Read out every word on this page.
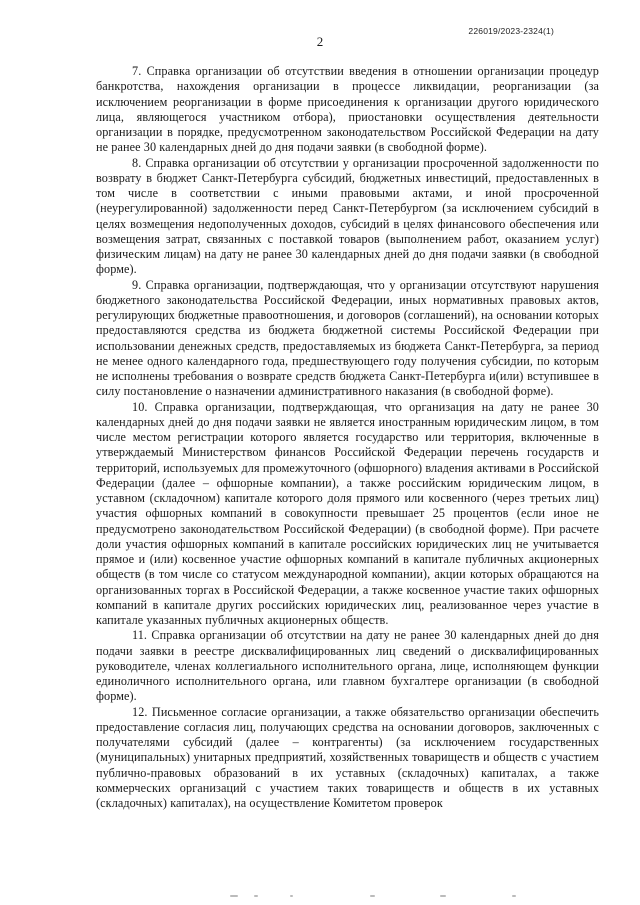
226019/2023-2324(1)
2

7. Справка организации об отсутствии введения в отношении организации процедур банкротства, нахождения организации в процессе ликвидации, реорганизации (за исключением реорганизации в форме присоединения к организации другого юридического лица, являющегося участником отбора), приостановки осуществления деятельности организации в порядке, предусмотренном законодательством Российской Федерации на дату не ранее 30 календарных дней до дня подачи заявки (в свободной форме).

8. Справка организации об отсутствии у организации просроченной задолженности по возврату в бюджет Санкт-Петербурга субсидий, бюджетных инвестиций, предоставленных в том числе в соответствии с иными правовыми актами, и иной просроченной (неурегулированной) задолженности перед Санкт-Петербургом (за исключением субсидий в целях возмещения недополученных доходов, субсидий в целях финансового обеспечения или возмещения затрат, связанных с поставкой товаров (выполнением работ, оказанием услуг) физическим лицам) на дату не ранее 30 календарных дней до дня подачи заявки (в свободной форме).

9. Справка организации, подтверждающая, что у организации отсутствуют нарушения бюджетного законодательства Российской Федерации, иных нормативных правовых актов, регулирующих бюджетные правоотношения, и договоров (соглашений), на основании которых предоставляются средства из бюджета бюджетной системы Российской Федерации при использовании денежных средств, предоставляемых из бюджета Санкт-Петербурга, за период не менее одного календарного года, предшествующего году получения субсидии, по которым не исполнены требования о возврате средств бюджета Санкт-Петербурга и(или) вступившее в силу постановление о назначении административного наказания (в свободной форме).

10. Справка организации, подтверждающая, что организация на дату не ранее 30 календарных дней до дня подачи заявки не является иностранным юридическим лицом, в том числе местом регистрации которого является государство или территория, включенные в утверждаемый Министерством финансов Российской Федерации перечень государств и территорий, используемых для промежуточного (офшорного) владения активами в Российской Федерации (далее – офшорные компании), а также российским юридическим лицом, в уставном (складочном) капитале которого доля прямого или косвенного (через третьих лиц) участия офшорных компаний в совокупности превышает 25 процентов (если иное не предусмотрено законодательством Российской Федерации) (в свободной форме). При расчете доли участия офшорных компаний в капитале российских юридических лиц не учитывается прямое и (или) косвенное участие офшорных компаний в капитале публичных акционерных обществ (в том числе со статусом международной компании), акции которых обращаются на организованных торгах в Российской Федерации, а также косвенное участие таких офшорных компаний в капитале других российских юридических лиц, реализованное через участие в капитале указанных публичных акционерных обществ.

11. Справка организации об отсутствии на дату не ранее 30 календарных дней до дня подачи заявки в реестре дисквалифицированных лиц сведений о дисквалифицированных руководителе, членах коллегиального исполнительного органа, лице, исполняющем функции единоличного исполнительного органа, или главном бухгалтере организации (в свободной форме).

12. Письменное согласие организации, а также обязательство организации обеспечить предоставление согласия лиц, получающих средства на основании договоров, заключенных с получателями субсидий (далее – контрагенты) (за исключением государственных (муниципальных) унитарных предприятий, хозяйственных товариществ и обществ с участием публично-правовых образований в их уставных (складочных) капиталах, а также коммерческих организаций с участием таких товариществ и обществ в их уставных (складочных) капиталах), на осуществление Комитетом проверок
